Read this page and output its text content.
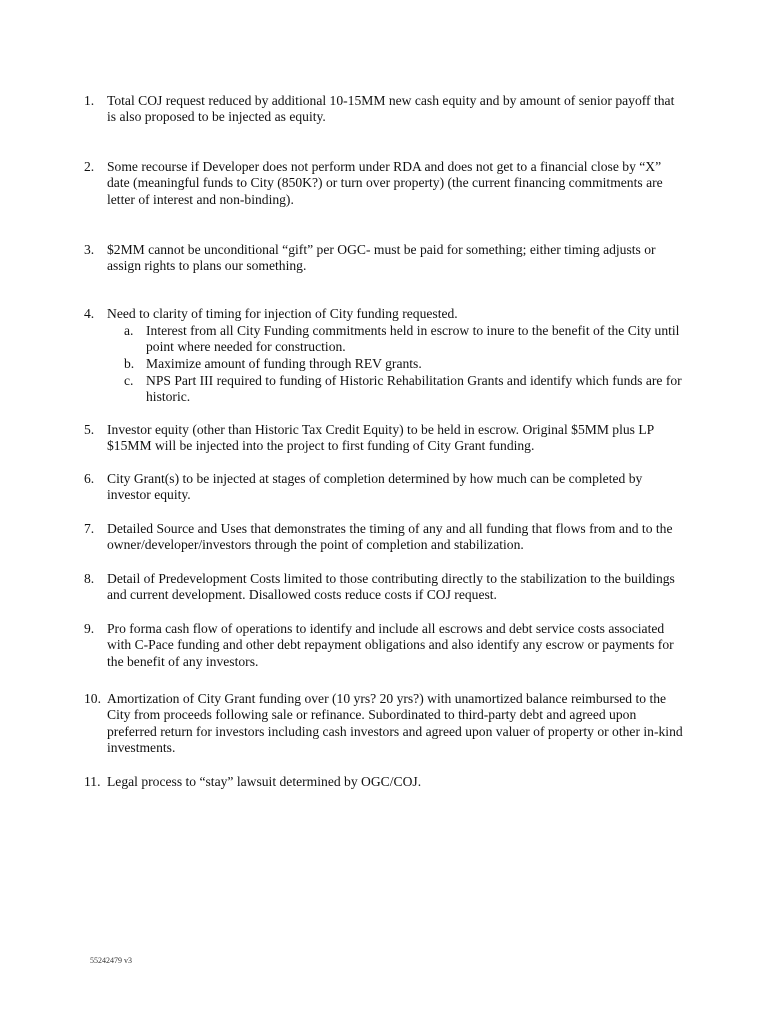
1. Total COJ request reduced by additional 10-15MM new cash equity and by amount of senior payoff that is also proposed to be injected as equity.
2. Some recourse if Developer does not perform under RDA and does not get to a financial close by “X” date (meaningful funds to City (850K?) or turn over property) (the current financing commitments are letter of interest and non-binding).
3. $2MM cannot be unconditional “gift” per OGC- must be paid for something; either timing adjusts or assign rights to plans our something.
4. Need to clarity of timing for injection of City funding requested.
a. Interest from all City Funding commitments held in escrow to inure to the benefit of the City until point where needed for construction.
b. Maximize amount of funding through REV grants.
c. NPS Part III required to funding of Historic Rehabilitation Grants and identify which funds are for historic.
5. Investor equity (other than Historic Tax Credit Equity) to be held in escrow. Original $5MM plus LP $15MM will be injected into the project to first funding of City Grant funding.
6. City Grant(s) to be injected at stages of completion determined by how much can be completed by investor equity.
7. Detailed Source and Uses that demonstrates the timing of any and all funding that flows from and to the owner/developer/investors through the point of completion and stabilization.
8. Detail of Predevelopment Costs limited to those contributing directly to the stabilization to the buildings and current development. Disallowed costs reduce costs if COJ request.
9. Pro forma cash flow of operations to identify and include all escrows and debt service costs associated with C-Pace funding and other debt repayment obligations and also identify any escrow or payments for the benefit of any investors.
10. Amortization of City Grant funding over (10 yrs? 20 yrs?) with unamortized balance reimbursed to the City from proceeds following sale or refinance. Subordinated to third-party debt and agreed upon preferred return for investors including cash investors and agreed upon valuer of property or other in-kind investments.
11. Legal process to “stay” lawsuit determined by OGC/COJ.
55242479 v3
